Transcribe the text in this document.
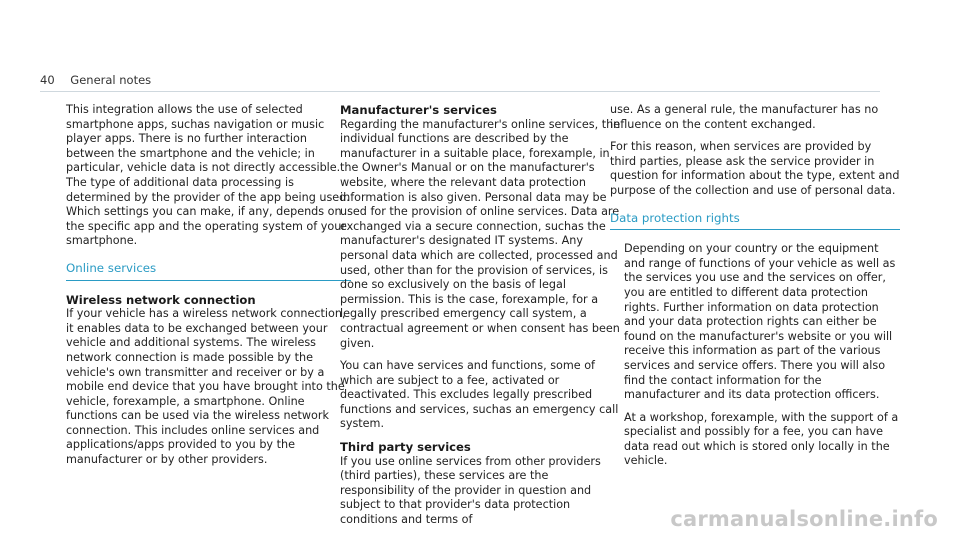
40 General notes

This integration allows the use of selected smartphone apps, suchas navigation or music player apps. There is no further interaction between the smartphone and the vehicle; in particular, vehicle data is not directly accessible. The type of additional data processing is determined by the provider of the app being used. Which settings you can make, if any, depends on the specific app and the operating system of your smartphone.

Online services
Wireless network connection

If your vehicle has a wireless network connection, it enables data to be exchanged between your vehicle and additional systems. The wireless network connection is made possible by the vehicle's own transmitter and receiver or by a mobile end device that you have brought into the vehicle, forexample, a smartphone. Online functions can be used via the wireless network connection. This includes online services and applications/apps provided to you by the manufacturer or by other providers.

Manufacturer's services

Regarding the manufacturer's online services, the individual functions are described by the manufacturer in a suitable place, forexample, in the Owner's Manual or on the manufacturer's website, where the relevant data protection information is also given. Personal data may be used for the provision of online services. Data are exchanged via a secure connection, suchas the manufacturer's designated IT systems. Any personal data which are collected, processed and used, other than for the provision of services, is done so exclusively on the basis of legal permission. This is the case, forexample, for a legally prescribed emergency call system, a contractual agreement or when consent has been given.

You can have services and functions, some of which are subject to a fee, activated or deactivated. This excludes legally prescribed functions and services, suchas an emergency call system.

Third party services

If you use online services from other providers (third parties), these services are the responsibility of the provider in question and subject to that provider's data protection conditions and terms of

use. As a general rule, the manufacturer has no influence on the content exchanged.

For this reason, when services are provided by third parties, please ask the service provider in question for information about the type, extent and purpose of the collection and use of personal data.

Data protection rights

Depending on your country or the equipment and range of functions of your vehicle as well as the services you use and the services on offer, you are entitled to different data protection rights. Further information on data protection and your data protection rights can either be found on the manufacturer's website or you will receive this information as part of the various services and service offers. There you will also find the contact information for the manufacturer and its data protection officers.

At a workshop, forexample, with the support of a specialist and possibly for a fee, you can have data read out which is stored only locally in the vehicle.

carmanualsonline.info
